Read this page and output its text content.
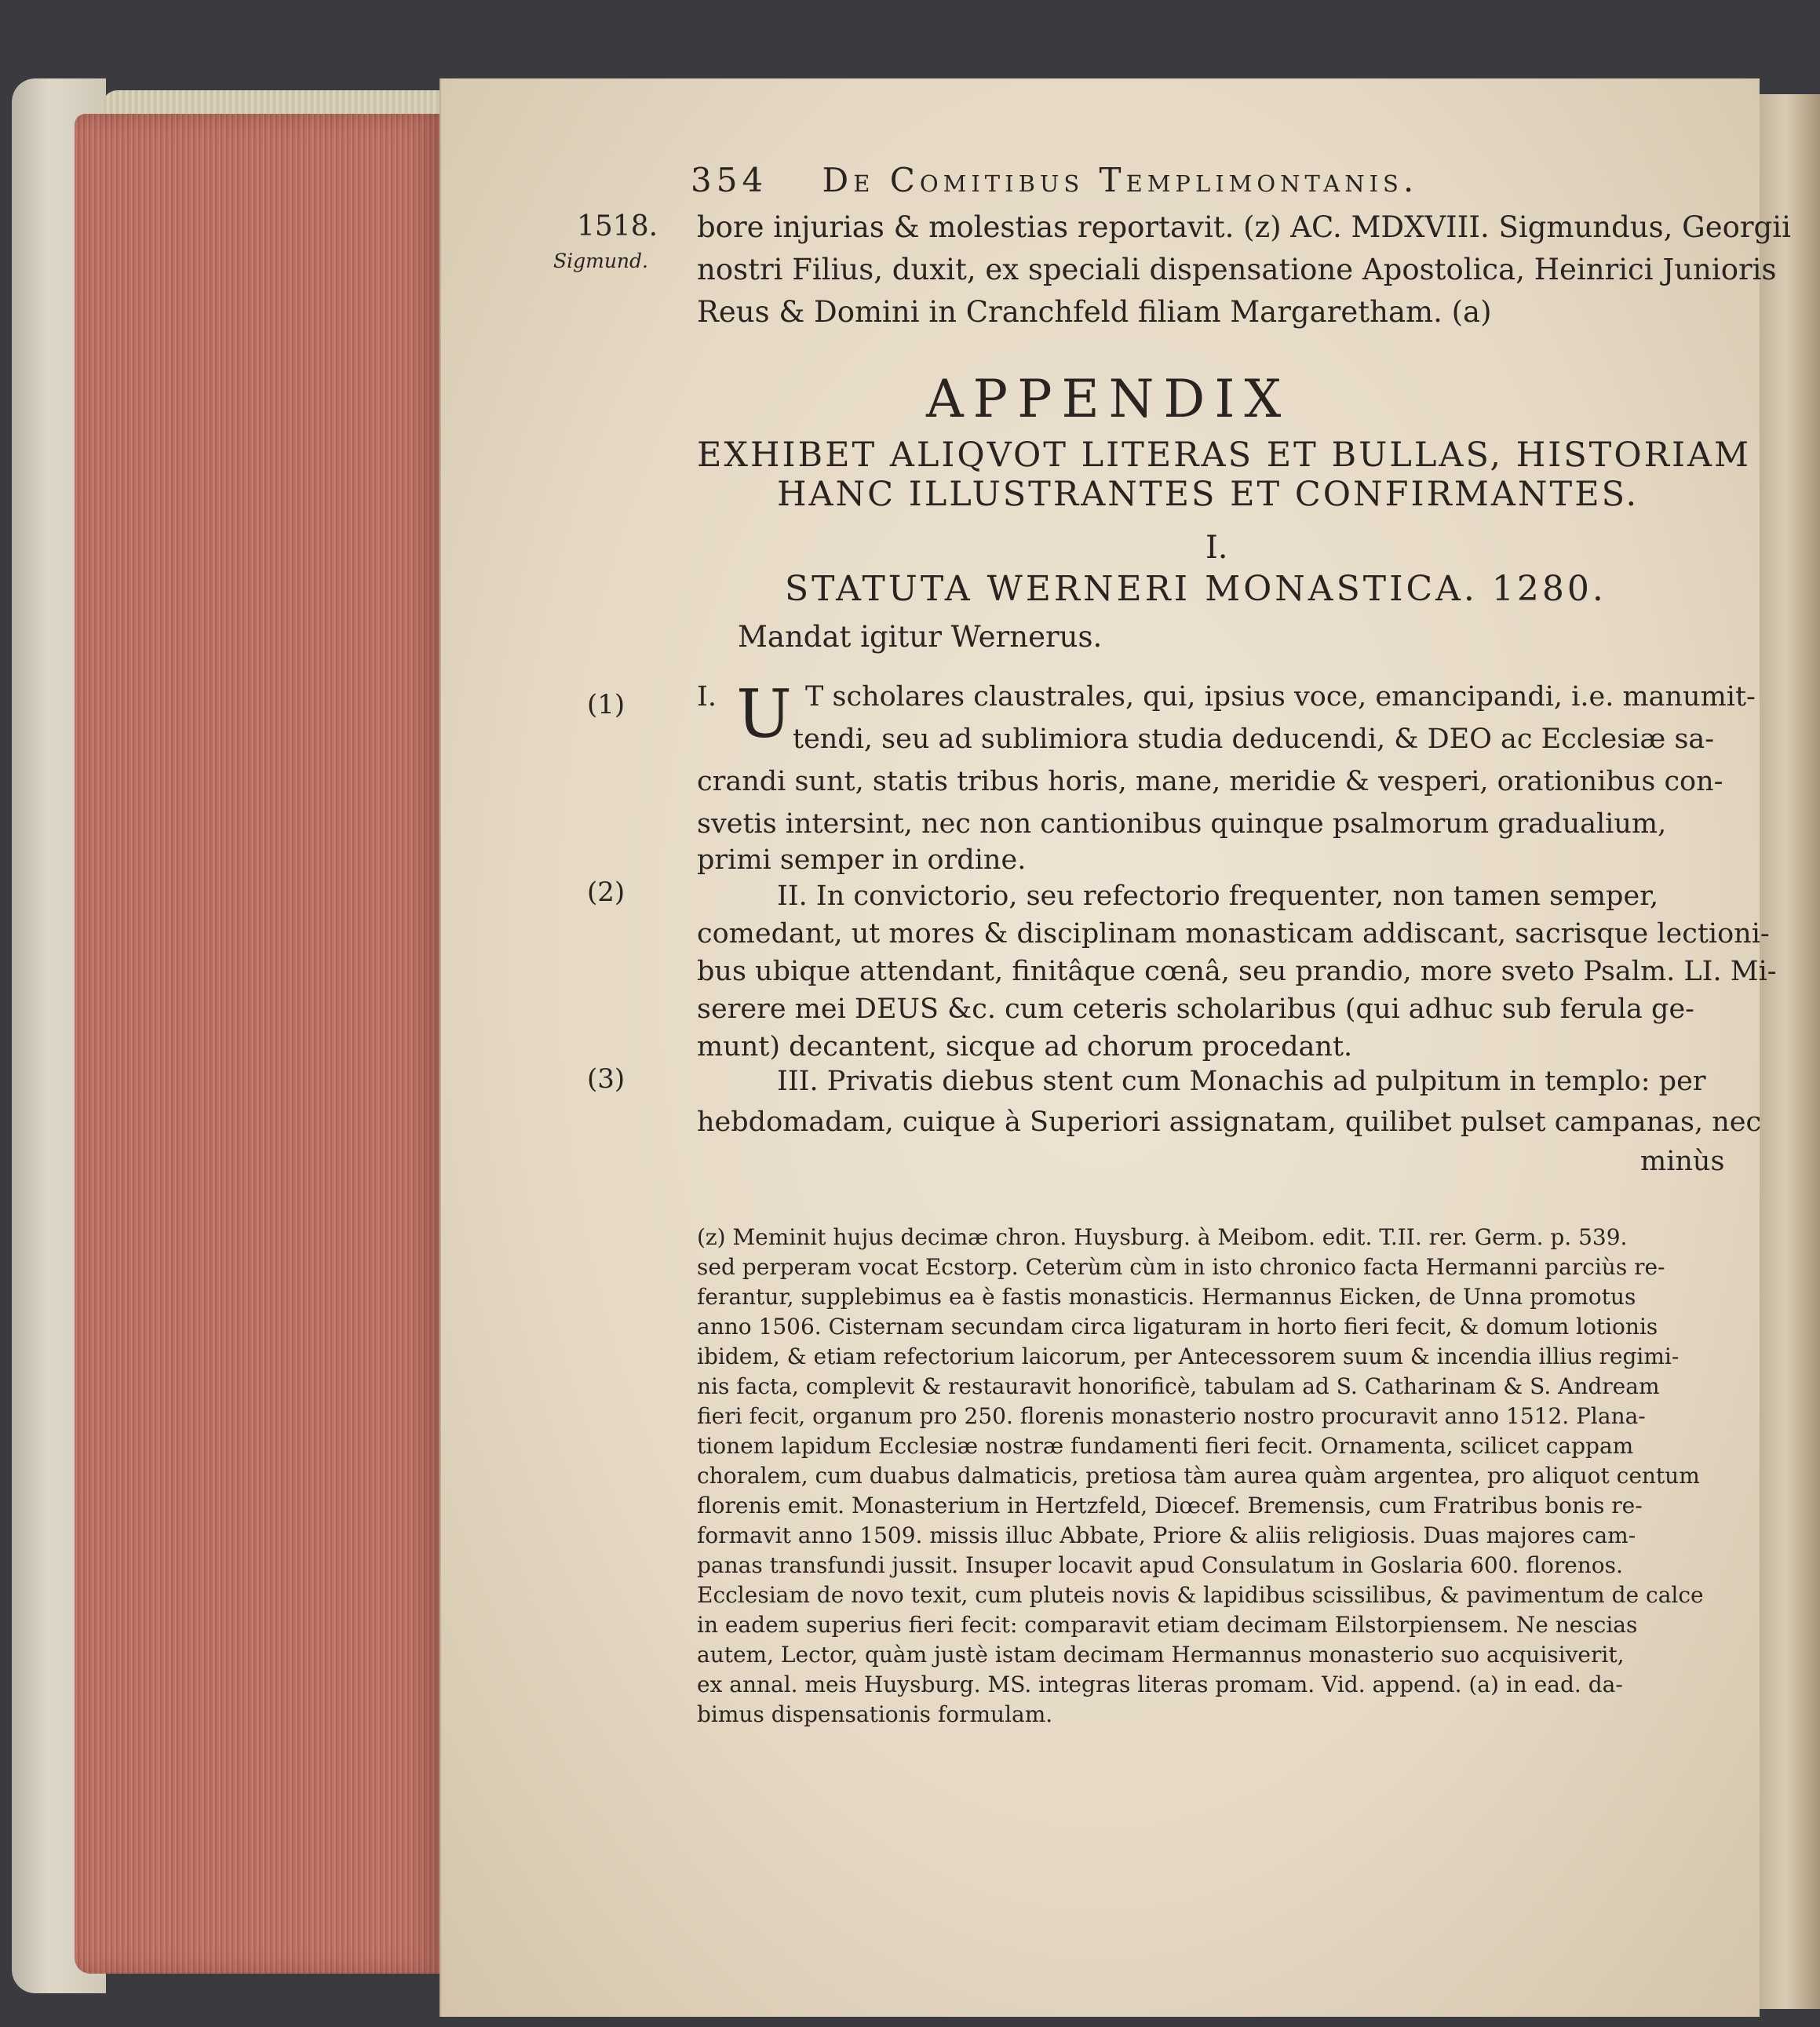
354 De Comitibus Templimontanis.
1518.
Sigmund.
bore injurias & molestias reportavit. (z) AC. MDXVIII. Sigmundus, Georgii
nostri Filius, duxit, ex speciali dispensatione Apostolica, Heinrici Junioris
Reus & Domini in Cranchfeld filiam Margaretham. (a)
APPENDIX
EXHIBET ALIQVOT LITERAS ET BULLAS, HISTORIAM
HANC ILLUSTRANTES ET CONFIRMANTES.
I.
STATUTA WERNERI MONASTICA. 1280.
Mandat igitur Wernerus.
(1)
(2)
(3)
I. U T scholares claustrales, qui, ipsius voce, emancipandi, i.e. manumit-
tendi, seu ad sublimiora studia deducendi, & DEO ac Ecclesiæ sa-
crandi sunt, statis tribus horis, mane, meridie & vesperi, orationibus con-
svetis intersint, nec non cantionibus quinque psalmorum gradualium,
primi semper in ordine.
II. In convictorio, seu refectorio frequenter, non tamen semper,
comedant, ut mores & disciplinam monasticam addiscant, sacrisque lectioni-
bus ubique attendant, finitâque cœnâ, seu prandio, more sveto Psalm. LI. Mi-
serere mei DEUS &c. cum ceteris scholaribus (qui adhuc sub ferula ge-
munt) decantent, sicque ad chorum procedant.
III. Privatis diebus stent cum Monachis ad pulpitum in templo: per
hebdomadam, cuique à Superiori assignatam, quilibet pulset campanas, nec
minùs
(z) Meminit hujus decimæ chron. Huysburg. à Meibom. edit. T.II. rer. Germ. p. 539.
sed perperam vocat Ecstorp. Ceterùm cùm in isto chronico facta Hermanni parciùs re-
ferantur, supplebimus ea è fastis monasticis. Hermannus Eicken, de Unna promotus
anno 1506. Cisternam secundam circa ligaturam in horto fieri fecit, & domum lotionis
ibidem, & etiam refectorium laicorum, per Antecessorem suum & incendia illius regimi-
nis facta, complevit & restauravit honorificè, tabulam ad S. Catharinam & S. Andream
fieri fecit, organum pro 250. florenis monasterio nostro procuravit anno 1512. Plana-
tionem lapidum Ecclesiæ nostræ fundamenti fieri fecit. Ornamenta, scilicet cappam
choralem, cum duabus dalmaticis, pretiosa tàm aurea quàm argentea, pro aliquot centum
florenis emit. Monasterium in Hertzfeld, Diœcef. Bremensis, cum Fratribus bonis re-
formavit anno 1509. missis illuc Abbate, Priore & aliis religiosis. Duas majores cam-
panas transfundi jussit. Insuper locavit apud Consulatum in Goslaria 600. florenos.
Ecclesiam de novo texit, cum pluteis novis & lapidibus scissilibus, & pavimentum de calce
in eadem superius fieri fecit: comparavit etiam decimam Eilstorpiensem. Ne nescias
autem, Lector, quàm justè istam decimam Hermannus monasterio suo acquisiverit,
ex annal. meis Huysburg. MS. integras literas promam. Vid. append. (a) in ead. da-
bimus dispensationis formulam.
